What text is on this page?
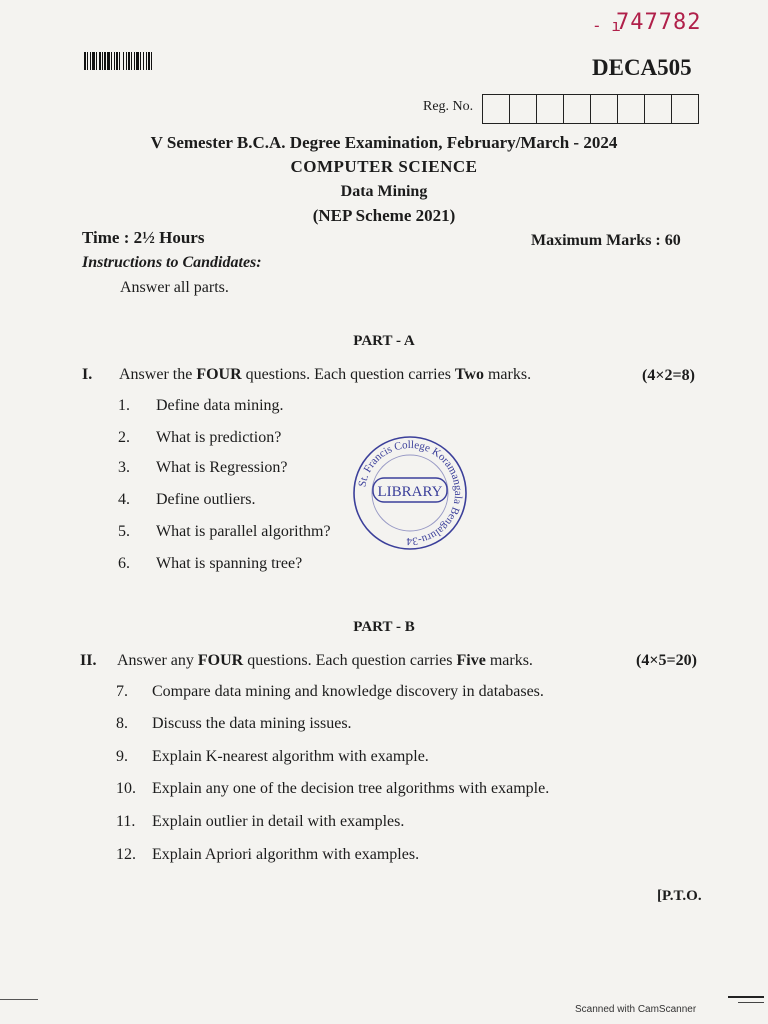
- ı
747782
DECA505
Reg. No.
V Semester B.C.A. Degree Examination, February/March - 2024
COMPUTER SCIENCE
Data Mining
(NEP Scheme 2021)
Time : 2½ Hours	Maximum Marks : 60
Instructions to Candidates:
Answer all parts.
PART - A
I. Answer the FOUR questions. Each question carries Two marks.	(4×2=8)
1. Define data mining.
2. What is prediction?
3. What is Regression?
4. Define outliers.
5. What is parallel algorithm?
6. What is spanning tree?
St. Francis College Koramangala Bengaluru-34
LIBRARY
PART - B
II. Answer any FOUR questions. Each question carries Five marks.	(4×5=20)
7. Compare data mining and knowledge discovery in databases.
8. Discuss the data mining issues.
9. Explain K-nearest algorithm with example.
10. Explain any one of the decision tree algorithms with example.
11. Explain outlier in detail with examples.
12. Explain Apriori algorithm with examples.
[P.T.O.
Scanned with CamScanner
